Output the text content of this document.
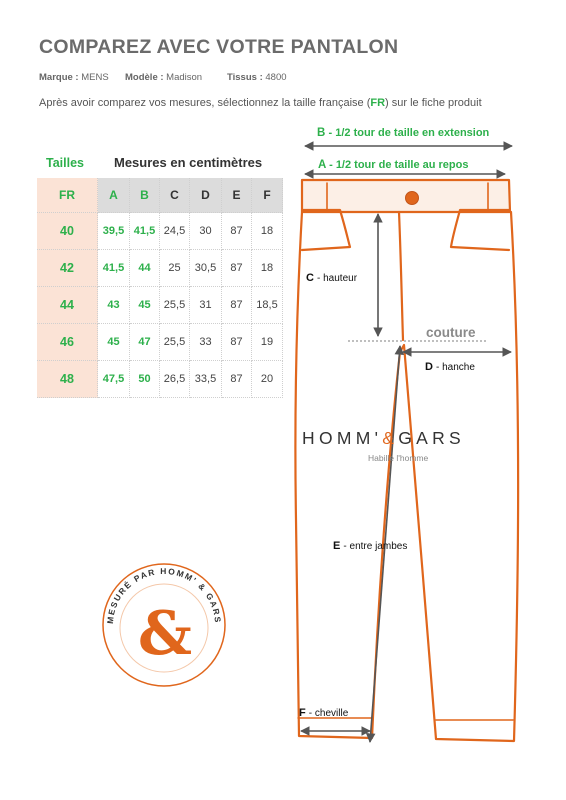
COMPAREZ AVEC VOTRE PANTALON
Marque : MENS Modèle : Madison	Tissus : 4800
Après avoir comparez vos mesures, sélectionnez la taille française (FR) sur le fiche produit
Tailles Mesures en centimètres
FR	A	B	C	D	E	F
40	39,5	41,5	24,5	30	87	18
42	41,5	44	25	30,5	87	18
44	43	45	25,5	31	87	18,5
46	45	47	25,5	33	87	19
48	47,5	50	26,5	33,5	87	20
MESURÉ PAR HOMM' & GARS
&
B - 1/2 tour de taille en extension
A - 1/2 tour de taille au repos
C - hauteur
couture
D - hanche
E - entre jambes
F - cheville
HOMM'&GARS
Habille l'homme
